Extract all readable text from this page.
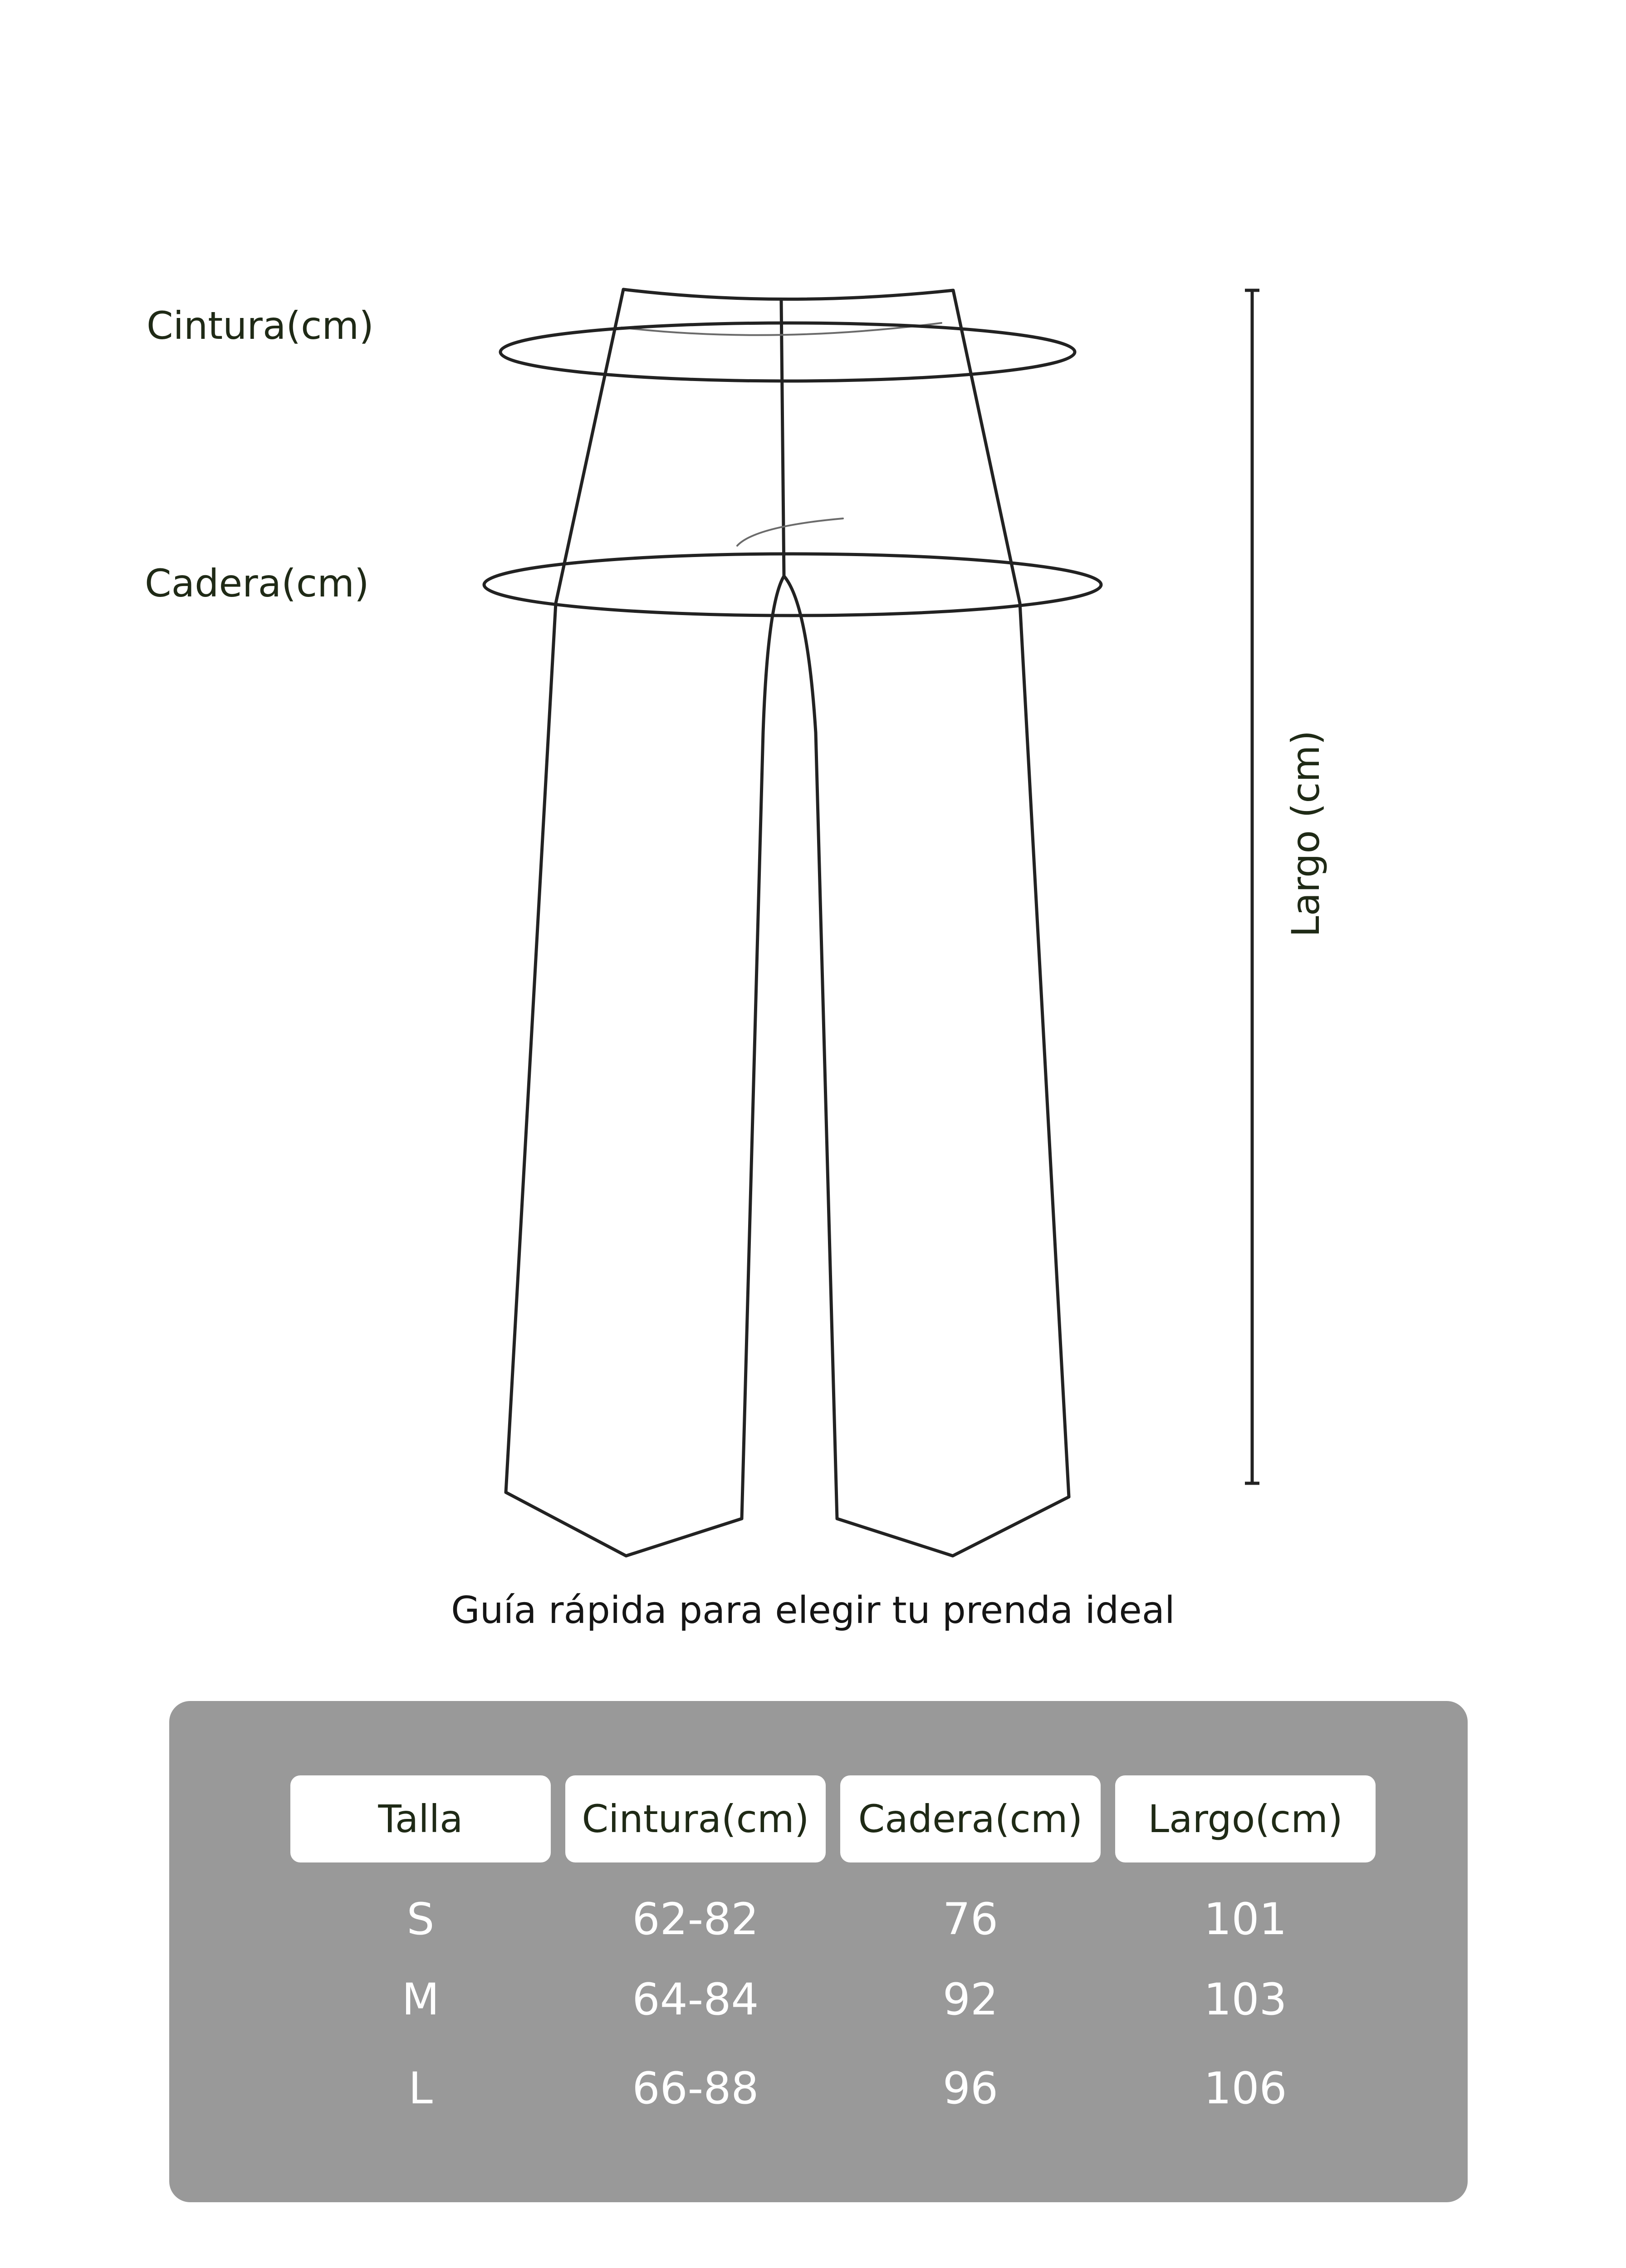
Cintura(cm)
Cadera(cm)
Largo (cm)
Guía rápida para elegir tu prenda ideal
Talla	Cintura(cm)	Cadera(cm)	Largo(cm)
S	62-82	76	101
M	64-84	92	103
L	66-88	96	106
